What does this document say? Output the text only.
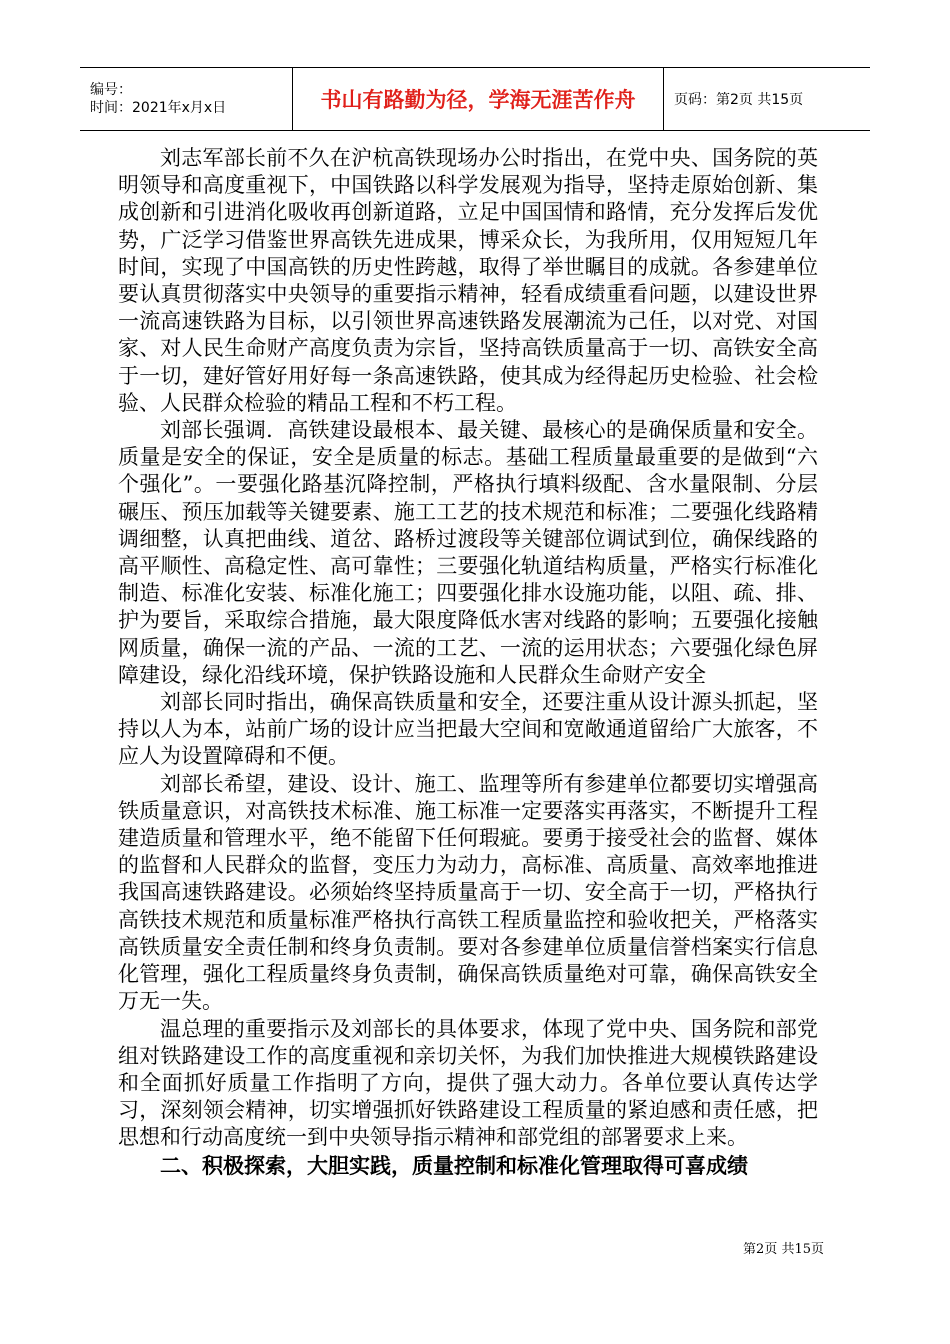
编号：
时间：2021年x月x日	书山有路勤为径，学海无涯苦作舟	页码：第2页 共15页

刘志军部长前不久在沪杭高铁现场办公时指出，在党中央、国务院的英明领导和高度重视下，中国铁路以科学发展观为指导，坚持走原始创新、集成创新和引进消化吸收再创新道路，立足中国国情和路情，充分发挥后发优势，广泛学习借鉴世界高铁先进成果，博采众长，为我所用，仅用短短几年时间，实现了中国高铁的历史性跨越，取得了举世瞩目的成就。各参建单位要认真贯彻落实中央领导的重要指示精神，轻看成绩重看问题，以建设世界一流高速铁路为目标，以引领世界高速铁路发展潮流为己任，以对党、对国家、对人民生命财产高度负责为宗旨，坚持高铁质量高于一切、高铁安全高于一切，建好管好用好每一条高速铁路，使其成为经得起历史检验、社会检验、人民群众检验的精品工程和不朽工程。

刘部长强调．高铁建设最根本、最关键、最核心的是确保质量和安全。质量是安全的保证，安全是质量的标志。基础工程质量最重要的是做到“六个强化”。一要强化路基沉降控制，严格执行填料级配、含水量限制、分层碾压、预压加载等关键要素、施工工艺的技术规范和标准；二要强化线路精调细整，认真把曲线、道岔、路桥过渡段等关键部位调试到位，确保线路的高平顺性、高稳定性、高可靠性；三要强化轨道结构质量，严格实行标准化制造、标准化安装、标准化施工；四要强化排水设施功能，以阻、疏、排、护为要旨，采取综合措施，最大限度降低水害对线路的影响；五要强化接触网质量，确保一流的产品、一流的工艺、一流的运用状态；六要强化绿色屏障建设，绿化沿线环境，保护铁路设施和人民群众生命财产安全

刘部长同时指出，确保高铁质量和安全，还要注重从设计源头抓起，坚持以人为本，站前广场的设计应当把最大空间和宽敞通道留给广大旅客，不应人为设置障碍和不便。

刘部长希望，建设、设计、施工、监理等所有参建单位都要切实增强高铁质量意识，对高铁技术标准、施工标准一定要落实再落实，不断提升工程建造质量和管理水平，绝不能留下任何瑕疵。要勇于接受社会的监督、媒体的监督和人民群众的监督，变压力为动力，高标准、高质量、高效率地推进我国高速铁路建设。必须始终坚持质量高于一切、安全高于一切，严格执行高铁技术规范和质量标准严格执行高铁工程质量监控和验收把关，严格落实高铁质量安全责任制和终身负责制。要对各参建单位质量信誉档案实行信息化管理，强化工程质量终身负责制，确保高铁质量绝对可靠，确保高铁安全万无一失。

温总理的重要指示及刘部长的具体要求，体现了党中央、国务院和部党组对铁路建设工作的高度重视和亲切关怀，为我们加快推进大规模铁路建设和全面抓好质量工作指明了方向，提供了强大动力。各单位要认真传达学习，深刻领会精神，切实增强抓好铁路建设工程质量的紧迫感和责任感，把思想和行动高度统一到中央领导指示精神和部党组的部署要求上来。

二、积极探索，大胆实践，质量控制和标准化管理取得可喜成绩
第2页 共15页
